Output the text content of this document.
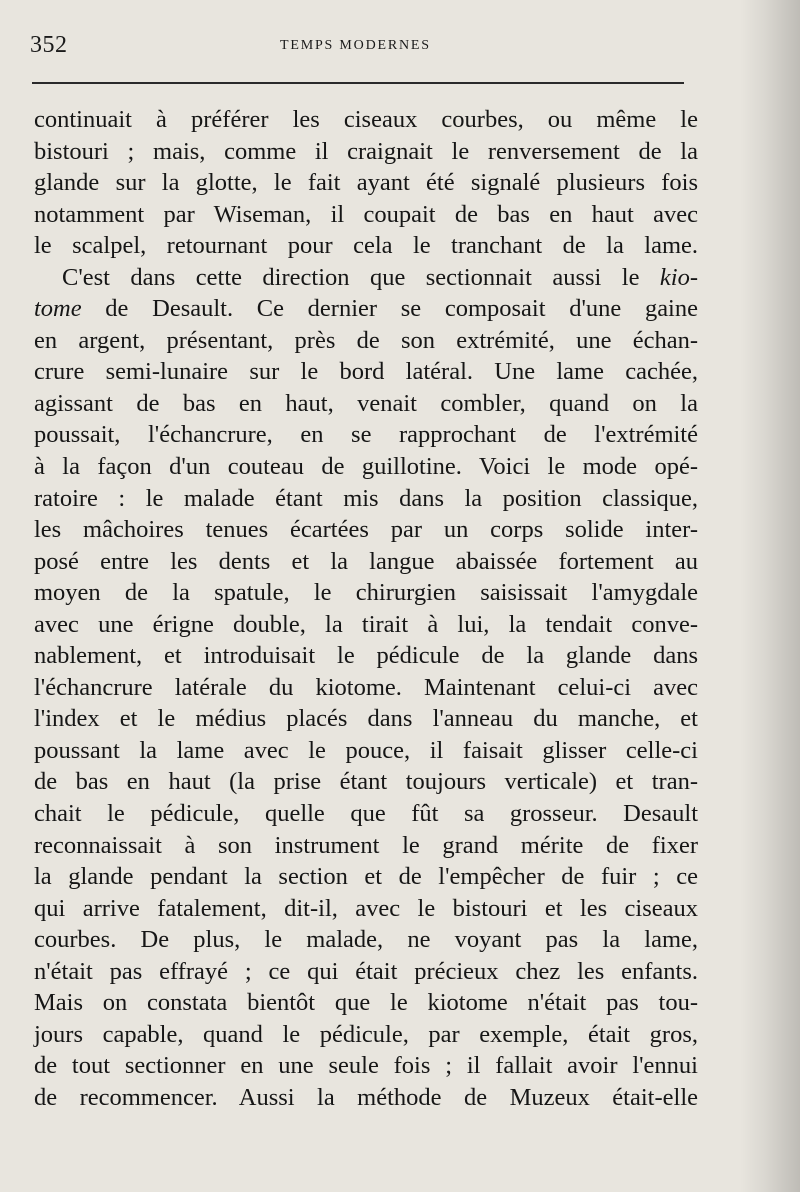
352	TEMPS MODERNES
continuait à préférer les ciseaux courbes, ou même le
bistouri ; mais, comme il craignait le renversement de la
glande sur la glotte, le fait ayant été signalé plusieurs fois
notamment par Wiseman, il coupait de bas en haut avec
le scalpel, retournant pour cela le tranchant de la lame.
C'est dans cette direction que sectionnait aussi le kio-
tome de Desault. Ce dernier se composait d'une gaine
en argent, présentant, près de son extrémité, une échan-
crure semi-lunaire sur le bord latéral. Une lame cachée,
agissant de bas en haut, venait combler, quand on la
poussait, l'échancrure, en se rapprochant de l'extrémité
à la façon d'un couteau de guillotine. Voici le mode opé-
ratoire : le malade étant mis dans la position classique,
les mâchoires tenues écartées par un corps solide inter-
posé entre les dents et la langue abaissée fortement au
moyen de la spatule, le chirurgien saisissait l'amygdale
avec une érigne double, la tirait à lui, la tendait conve-
nablement, et introduisait le pédicule de la glande dans
l'échancrure latérale du kiotome. Maintenant celui-ci avec
l'index et le médius placés dans l'anneau du manche, et
poussant la lame avec le pouce, il faisait glisser celle-ci
de bas en haut (la prise étant toujours verticale) et tran-
chait le pédicule, quelle que fût sa grosseur. Desault
reconnaissait à son instrument le grand mérite de fixer
la glande pendant la section et de l'empêcher de fuir ; ce
qui arrive fatalement, dit-il, avec le bistouri et les ciseaux
courbes. De plus, le malade, ne voyant pas la lame,
n'était pas effrayé ; ce qui était précieux chez les enfants.
Mais on constata bientôt que le kiotome n'était pas tou-
jours capable, quand le pédicule, par exemple, était gros,
de tout sectionner en une seule fois ; il fallait avoir l'ennui
de recommencer. Aussi la méthode de Muzeux était-elle
